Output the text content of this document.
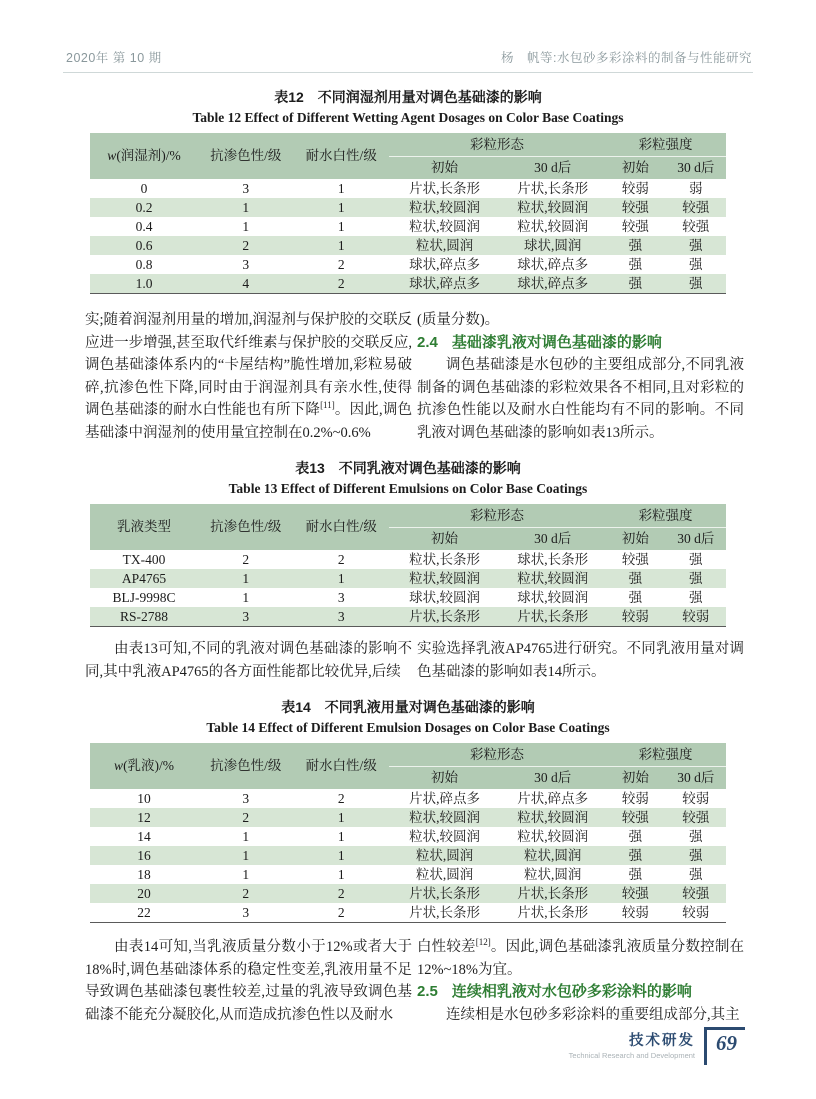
2020年 第 10 期	杨　帆等:水包砂多彩涂料的制备与性能研究
表12　不同润湿剂用量对调色基础漆的影响
Table 12 Effect of Different Wetting Agent Dosages on Color Base Coatings
w(润湿剂)/%	抗渗色性/级	耐水白性/级	彩粒形态		彩粒强度	
			初始	30 d后	初始	30 d后
0	3	1	片状,长条形	片状,长条形	较弱	弱
0.2	1	1	粒状,较圆润	粒状,较圆润	较强	较强
0.4	1	1	粒状,较圆润	粒状,较圆润	较强	较强
0.6	2	1	粒状,圆润	球状,圆润	强	强
0.8	3	2	球状,碎点多	球状,碎点多	强	强
1.0	4	2	球状,碎点多	球状,碎点多	强	强
实;随着润湿剂用量的增加,润湿剂与保护胶的交联反应进一步增强,甚至取代纤维素与保护胶的交联反应,调色基础漆体系内的“卡屋结构”脆性增加,彩粒易破碎,抗渗色性下降,同时由于润湿剂具有亲水性,使得调色基础漆的耐水白性能也有所下降[11]。因此,调色基础漆中润湿剂的使用量宜控制在0.2%~0.6%
(质量分数)。
2.4 基础漆乳液对调色基础漆的影响
调色基础漆是水包砂的主要组成部分,不同乳液制备的调色基础漆的彩粒效果各不相同,且对彩粒的抗渗色性能以及耐水白性能均有不同的影响。不同乳液对调色基础漆的影响如表13所示。
表13　不同乳液对调色基础漆的影响
Table 13 Effect of Different Emulsions on Color Base Coatings
乳液类型	抗渗色性/级	耐水白性/级	彩粒形态		彩粒强度	
			初始	30 d后	初始	30 d后
TX-400	2	2	粒状,长条形	球状,长条形	较强	强
AP4765	1	1	粒状,较圆润	粒状,较圆润	强	强
BLJ-9998C	1	3	球状,较圆润	球状,较圆润	强	强
RS-2788	3	3	片状,长条形	片状,长条形	较弱	较弱
由表13可知,不同的乳液对调色基础漆的影响不同,其中乳液AP4765的各方面性能都比较优异,后续
实验选择乳液AP4765进行研究。不同乳液用量对调色基础漆的影响如表14所示。
表14　不同乳液用量对调色基础漆的影响
Table 14 Effect of Different Emulsion Dosages on Color Base Coatings
w(乳液)/%	抗渗色性/级	耐水白性/级	彩粒形态		彩粒强度	
			初始	30 d后	初始	30 d后
10	3	2	片状,碎点多	片状,碎点多	较弱	较弱
12	2	1	粒状,较圆润	粒状,较圆润	较强	较强
14	1	1	粒状,较圆润	粒状,较圆润	强	强
16	1	1	粒状,圆润	粒状,圆润	强	强
18	1	1	粒状,圆润	粒状,圆润	强	强
20	2	2	片状,长条形	片状,长条形	较强	较强
22	3	2	片状,长条形	片状,长条形	较弱	较弱
由表14可知,当乳液质量分数小于12%或者大于18%时,调色基础漆体系的稳定性变差,乳液用量不足导致调色基础漆包裹性较差,过量的乳液导致调色基础漆不能充分凝胶化,从而造成抗渗色性以及耐水
白性较差[12]。因此,调色基础漆乳液质量分数控制在12%~18%为宜。
2.5 连续相乳液对水包砂多彩涂料的影响
连续相是水包砂多彩涂料的重要组成部分,其主
技术研发
Technical Research and Development
69
